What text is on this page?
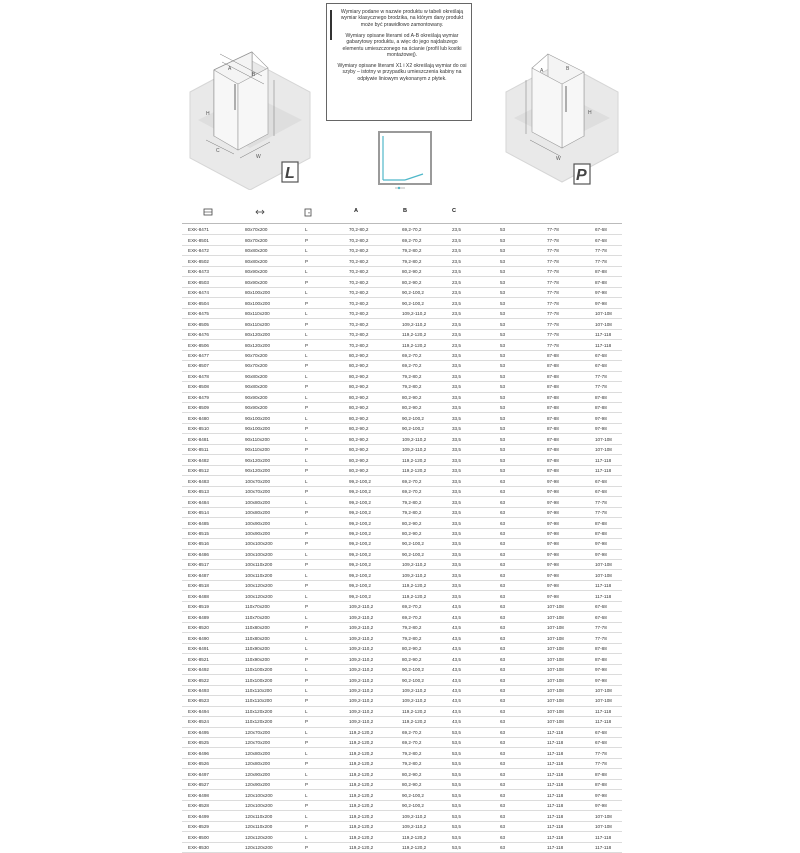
A
B
H
W
C
L

Wymiary podane w nazwie produktu w tabeli określają wymiar klasycznego brodzika, na którym dany produkt może być prawidłowo zamontowany.

Wymiary opisane literami od A-B określają wymiar gabarytowy produktu, a więc do jego najdalszego elementu umieszczonego na ścianie (profil lub kostki montażowej).

Wymiary opisane literami X1 i X2 określają wymiar do osi szyby – istotny w przypadku umieszczenia kabiny na odpływie liniowym wykonanym z płytek.

A	B
H
W
P
A	B	C
EXK-8471	80x70x200	L	70,2-80,2	69,2-70,2	23,5	53	77-78	67-68
EXK-8501	80x70x200	P	70,2-80,2	69,2-70,2	23,5	53	77-78	67-68
EXK-8472	80x80x200	L	70,2-80,2	79,2-80,2	23,5	53	77-78	77-78
EXK-8502	80x80x200	P	70,2-80,2	79,2-80,2	23,5	53	77-78	77-78
EXK-8473	80x90x200	L	70,2-80,2	80,2-90,2	23,5	53	77-78	87-88
EXK-8503	80x90x200	P	70,2-80,2	80,2-90,2	23,5	53	77-78	87-88
EXK-8474	80x100x200	L	70,2-80,2	90,2-100,2	23,5	53	77-78	97-98
EXK-8504	80x100x200	P	70,2-80,2	90,2-100,2	23,5	53	77-78	97-98
EXK-8475	80x110x200	L	70,2-80,2	109,2-110,2	23,5	53	77-78	107-108
EXK-8505	80x110x200	P	70,2-80,2	109,2-110,2	23,5	53	77-78	107-108
EXK-8476	80x120x200	L	70,2-80,2	119,2-120,2	23,5	53	77-78	117-118
EXK-8506	80x120x200	P	70,2-80,2	119,2-120,2	23,5	53	77-78	117-118
EXK-8477	90x70x200	L	80,2-90,2	69,2-70,2	33,5	53	87-88	67-68
EXK-8507	90x70x200	P	80,2-90,2	69,2-70,2	33,5	53	87-88	67-68
EXK-8478	90x80x200	L	80,2-90,2	79,2-80,2	33,5	53	87-88	77-78
EXK-8508	90x80x200	P	80,2-90,2	79,2-80,2	33,5	53	87-88	77-78
EXK-8479	90x90x200	L	80,2-90,2	80,2-90,2	33,5	53	87-88	87-88
EXK-8509	90x90x200	P	80,2-90,2	80,2-90,2	33,5	53	87-88	87-88
EXK-8480	90x100x200	L	80,2-90,2	90,2-100,2	33,5	53	87-88	97-98
EXK-8510	90x100x200	P	80,2-90,2	90,2-100,2	33,5	53	87-88	97-98
EXK-8481	90x110x200	L	80,2-90,2	109,2-110,2	33,5	53	87-88	107-108
EXK-8511	90x110x200	P	80,2-90,2	109,2-110,2	33,5	53	87-88	107-108
EXK-8482	90x120x200	L	80,2-90,2	119,2-120,2	33,5	53	87-88	117-118
EXK-8512	90x120x200	P	80,2-90,2	119,2-120,2	33,5	53	87-88	117-118
EXK-8483	100x70x200	L	99,2-100,2	69,2-70,2	33,5	63	97-98	67-68
EXK-8513	100x70x200	P	99,2-100,2	69,2-70,2	33,5	63	97-98	67-68
EXK-8484	100x80x200	L	99,2-100,2	79,2-80,2	33,5	63	97-98	77-78
EXK-8514	100x80x200	P	99,2-100,2	79,2-80,2	33,5	63	97-98	77-78
EXK-8485	100x90x200	L	99,2-100,2	80,2-90,2	33,5	63	97-98	87-88
EXK-8515	100x90x200	P	99,2-100,2	80,2-90,2	33,5	63	97-98	87-88
EXK-8516	100x100x200	P	99,2-100,2	90,2-100,2	33,5	63	97-98	97-98
EXK-8486	100x100x200	L	99,2-100,2	90,2-100,2	33,5	63	97-98	97-98
EXK-8517	100x110x200	P	99,2-100,2	109,2-110,2	33,5	63	97-98	107-108
EXK-8487	100x110x200	L	99,2-100,2	109,2-110,2	33,5	63	97-98	107-108
EXK-8518	100x120x200	P	99,2-100,2	119,2-120,2	33,5	63	97-98	117-118
EXK-8488	100x120x200	L	99,2-100,2	119,2-120,2	33,5	63	97-98	117-118
EXK-8519	110x70x200	P	109,2-110,2	69,2-70,2	43,5	63	107-108	67-68
EXK-8489	110x70x200	L	109,2-110,2	69,2-70,2	43,5	63	107-108	67-68
EXK-8520	110x80x200	P	109,2-110,2	79,2-80,2	43,5	63	107-108	77-78
EXK-8490	110x80x200	L	109,2-110,2	79,2-80,2	43,5	63	107-108	77-78
EXK-8491	110x90x200	L	109,2-110,2	80,2-90,2	43,5	63	107-108	87-88
EXK-8521	110x90x200	P	109,2-110,2	80,2-90,2	43,5	63	107-108	87-88
EXK-8492	110x100x200	L	109,2-110,2	90,2-100,2	43,5	63	107-108	97-98
EXK-8522	110x100x200	P	109,2-110,2	90,2-100,2	43,5	63	107-108	97-98
EXK-8493	110x110x200	L	109,2-110,2	109,2-110,2	43,5	63	107-108	107-108
EXK-8523	110x110x200	P	109,2-110,2	109,2-110,2	43,5	63	107-108	107-108
EXK-8494	110x120x200	L	109,2-110,2	119,2-120,2	43,5	63	107-108	117-118
EXK-8524	110x120x200	P	109,2-110,2	119,2-120,2	43,5	63	107-108	117-118
EXK-8495	120x70x200	L	119,2-120,2	69,2-70,2	53,5	63	117-118	67-68
EXK-8525	120x70x200	P	119,2-120,2	69,2-70,2	53,5	63	117-118	67-68
EXK-8496	120x80x200	L	119,2-120,2	79,2-80,2	53,5	63	117-118	77-78
EXK-8526	120x80x200	P	119,2-120,2	79,2-80,2	53,5	63	117-118	77-78
EXK-8497	120x90x200	L	119,2-120,2	80,2-90,2	53,5	63	117-118	87-88
EXK-8527	120x90x200	P	119,2-120,2	80,2-90,2	53,5	63	117-118	87-88
EXK-8498	120x100x200	L	119,2-120,2	90,2-100,2	53,5	63	117-118	97-98
EXK-8528	120x100x200	P	119,2-120,2	90,2-100,2	53,5	63	117-118	97-98
EXK-8499	120x110x200	L	119,2-120,2	109,2-110,2	53,5	63	117-118	107-108
EXK-8529	120x110x200	P	119,2-120,2	109,2-110,2	53,5	63	117-118	107-108
EXK-8500	120x120x200	L	119,2-120,2	119,2-120,2	53,5	63	117-118	117-118
EXK-8530	120x120x200	P	119,2-120,2	119,2-120,2	53,5	63	117-118	117-118
